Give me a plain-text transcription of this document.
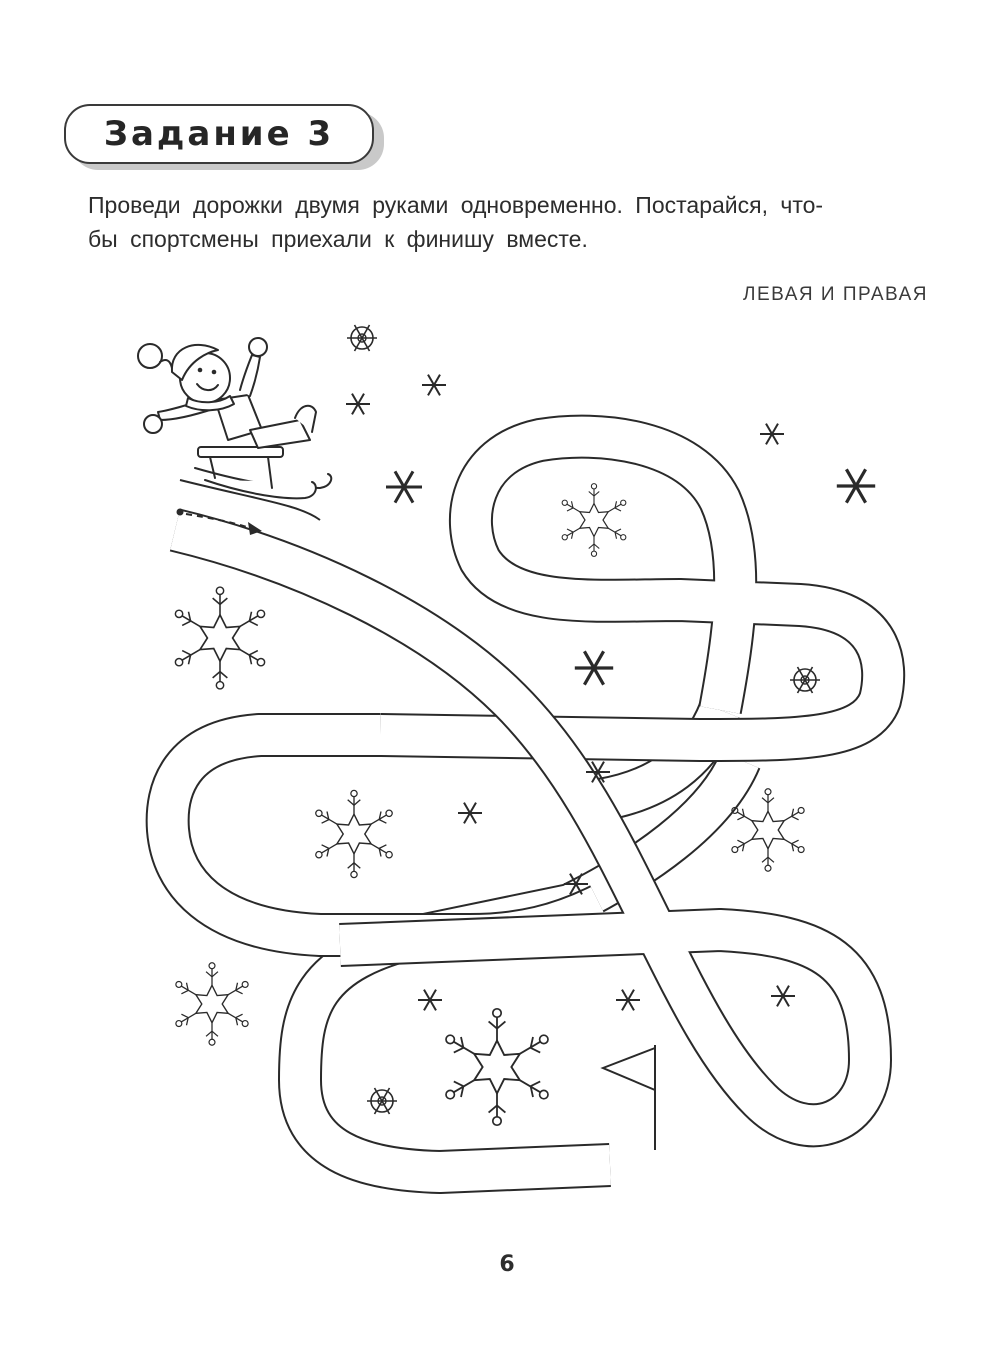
Задание 3
Проведи дорожки двумя руками одновременно. Постарайся, что-
бы спортсмены приехали к финишу вместе.
ЛЕВАЯ И ПРАВАЯ
6
